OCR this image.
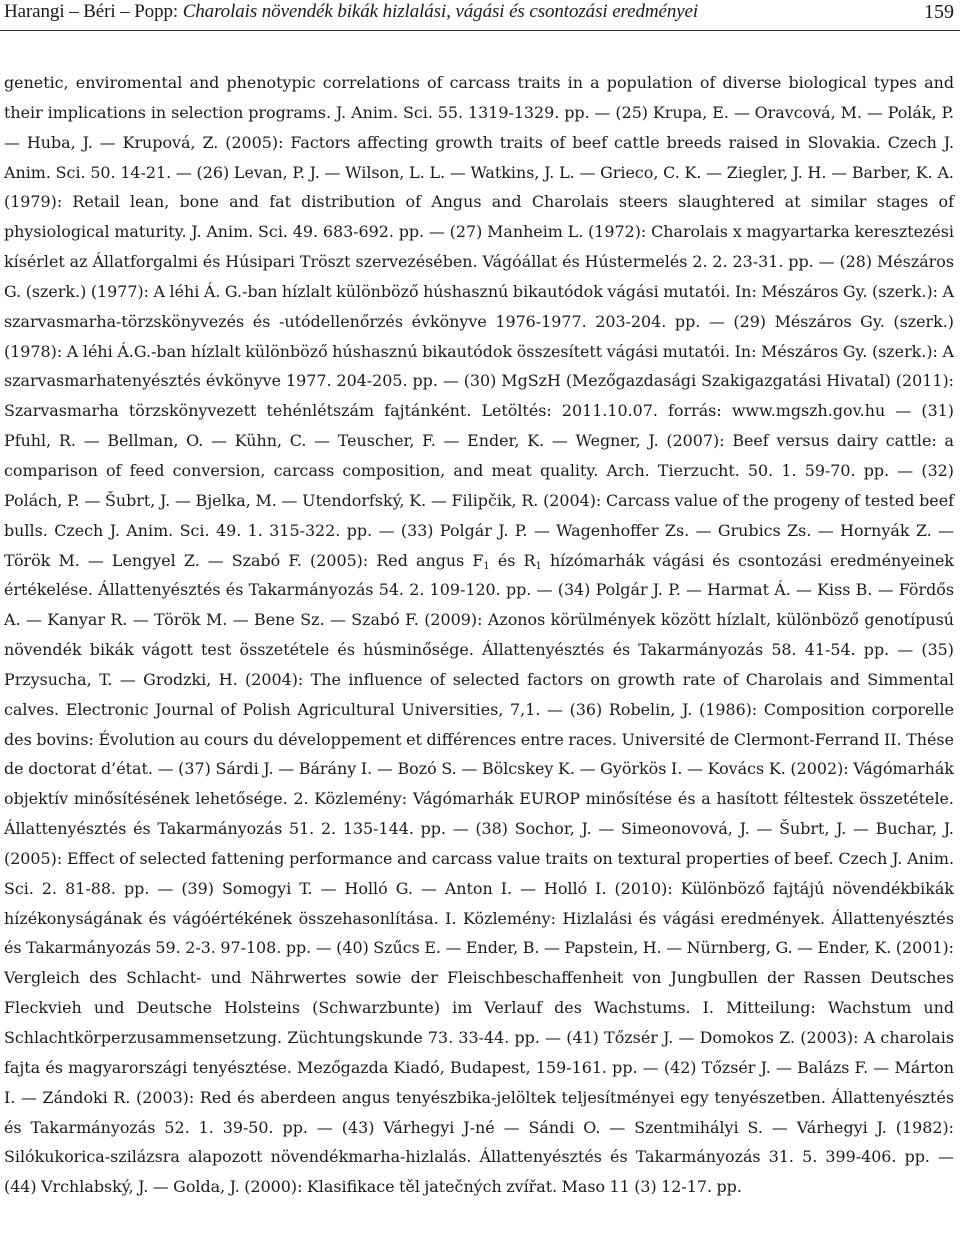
Harangi – Béri – Popp: Charolais növendék bikák hizlalási, vágási és csontozási eredményei	159

genetic, enviromental and phenotypic correlations of carcass traits in a population of diverse biological types and their implications in selection programs. J. Anim. Sci. 55. 1319-1329. pp. — (25) Krupa, E. — Oravcová, M. — Polák, P. — Huba, J. — Krupová, Z. (2005): Factors affecting growth traits of beef cattle breeds raised in Slovakia. Czech J. Anim. Sci. 50. 14-21. — (26) Levan, P. J. — Wilson, L. L. — Watkins, J. L. — Grieco, C. K. — Ziegler, J. H. — Barber, K. A. (1979): Retail lean, bone and fat distribution of Angus and Charolais steers slaughtered at similar stages of physiological maturity. J. Anim. Sci. 49. 683-692. pp. — (27) Manheim L. (1972): Charolais x magyartarka keresztezési kísérlet az Állatforgalmi és Húsipari Tröszt szervezésében. Vágóállat és Hústermelés 2. 2. 23-31. pp. — (28) Mészáros G. (szerk.) (1977): A léhi Á. G.-ban hízlalt különböző húshasznú bikautódok vágási mutatói. In: Mészáros Gy. (szerk.): A szarvasmarha-törzskönyvezés és -utódellenőrzés évkönyve 1976-1977. 203-204. pp. — (29) Mészáros Gy. (szerk.) (1978): A léhi Á.G.-ban hízlalt különböző húshasznú bikautódok összesített vágási mutatói. In: Mészáros Gy. (szerk.): A szarvasmarhatenyésztés évkönyve 1977. 204-205. pp. — (30) MgSzH (Mezőgazdasági Szakigazgatási Hivatal) (2011): Szarvasmarha törzskönyvezett tehénlétszám fajtánként. Letöltés: 2011.10.07. forrás: www.mgszh.gov.hu — (31) Pfuhl, R. — Bellman, O. — Kühn, C. — Teuscher, F. — Ender, K. — Wegner, J. (2007): Beef versus dairy cattle: a comparison of feed conversion, carcass composition, and meat quality. Arch. Tierzucht. 50. 1. 59-70. pp. — (32) Polách, P. — Šubrt, J. — Bjelka, M. — Utendorfský, K. — Filipčik, R. (2004): Carcass value of the progeny of tested beef bulls. Czech J. Anim. Sci. 49. 1. 315-322. pp. — (33) Polgár J. P. — Wagenhoffer Zs. — Grubics Zs. — Hornyák Z. — Török M. — Lengyel Z. — Szabó F. (2005): Red angus $F_1$ és $R_1$ hízómarhák vágási és csontozási eredményeinek értékelése. Állattenyésztés és Takarmányozás 54. 2. 109-120. pp. — (34) Polgár J. P. — Harmat Á. — Kiss B. — Fördős A. — Kanyar R. — Török M. — Bene Sz. — Szabó F. (2009): Azonos körülmények között hízlalt, különböző genotípusú növendék bikák vágott test összetétele és húsminősége. Állattenyésztés és Takarmányozás 58. 41-54. pp. — (35) Przysucha, T. — Grodzki, H. (2004): The influence of selected factors on growth rate of Charolais and Simmental calves. Electronic Journal of Polish Agricultural Universities, 7,1. — (36) Robelin, J. (1986): Composition corporelle des bovins: Évolution au cours du développement et différences entre races. Université de Clermont-Ferrand II. Thése de doctorat d’état. — (37) Sárdi J. — Bárány I. — Bozó S. — Bölcskey K. — Györkös I. — Kovács K. (2002): Vágómarhák objektív minősítésének lehetősége. 2. Közlemény: Vágómarhák EUROP minősítése és a hasított féltestek összetétele. Állattenyésztés és Takarmányozás 51. 2. 135-144. pp. — (38) Sochor, J. — Simeonovová, J. — Šubrt, J. — Buchar, J. (2005): Effect of selected fattening performance and carcass value traits on textural properties of beef. Czech J. Anim. Sci. 2. 81-88. pp. — (39) Somogyi T. — Holló G. — Anton I. — Holló I. (2010): Különböző fajtájú növendékbikák hízékonyságának és vágóértékének összehasonlítása. I. Közlemény: Hizlalási és vágási eredmények. Állattenyésztés és Takarmányozás 59. 2-3. 97-108. pp. — (40) Szűcs E. — Ender, B. — Papstein, H. — Nürnberg, G. — Ender, K. (2001): Vergleich des Schlacht- und Nährwertes sowie der Fleischbeschaffenheit von Jungbullen der Rassen Deutsches Fleckvieh und Deutsche Holsteins (Schwarzbunte) im Verlauf des Wachstums. I. Mitteilung: Wachstum und Schlachtkörperzusammensetzung. Züchtungskunde 73. 33-44. pp. — (41) Tőzsér J. — Domokos Z. (2003): A charolais fajta és magyarországi tenyésztése. Mezőgazda Kiadó, Budapest, 159-161. pp. — (42) Tőzsér J. — Balázs F. — Márton I. — Zándoki R. (2003): Red és aberdeen angus tenyészbika-jelöltek teljesítményei egy tenyészetben. Állattenyésztés és Takarmányozás 52. 1. 39-50. pp. — (43) Várhegyi J-né — Sándi O. — Szentmihályi S. — Várhegyi J. (1982): Silókukorica-szilázsra alapozott növendékmarha-hizlalás. Állattenyésztés és Takarmányozás 31. 5. 399-406. pp. — (44) Vrchlabský, J. — Golda, J. (2000): Klasifikace těl jatečných zvířat. Maso 11 (3) 12-17. pp.
